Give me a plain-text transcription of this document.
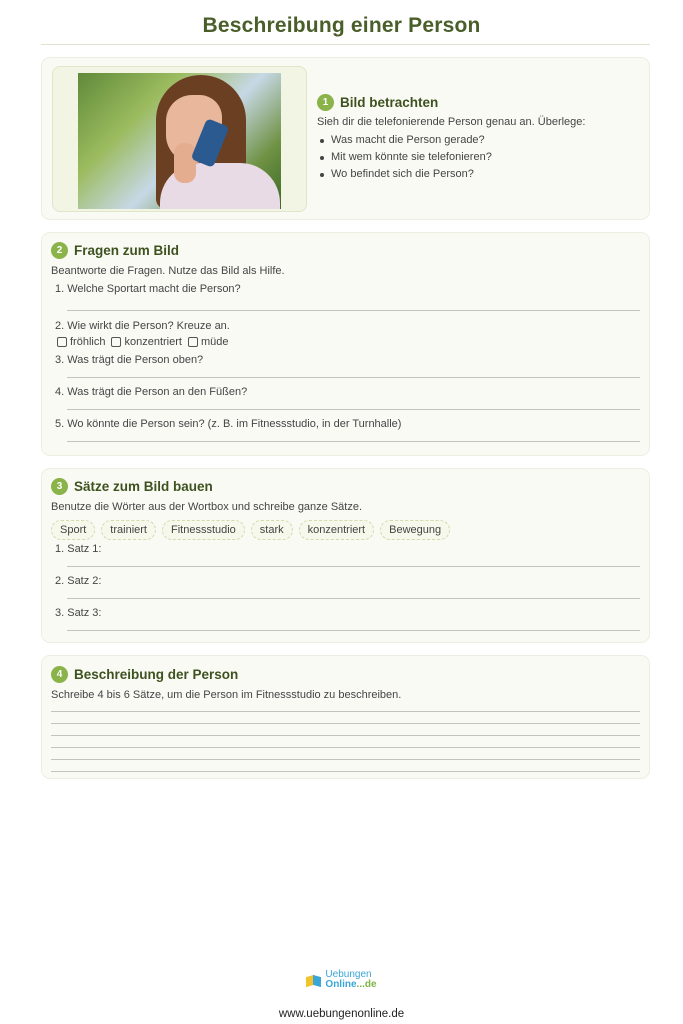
Beschreibung einer Person
1 Bild betrachten
Sieh dir die telefonierende Person genau an. Überlege:
Was macht die Person gerade?
Mit wem könnte sie telefonieren?
Wo befindet sich die Person?
2 Fragen zum Bild
Beantworte die Fragen. Nutze das Bild als Hilfe.
1. Welche Sportart macht die Person?
2. Wie wirkt die Person? Kreuze an.
fröhlich konzentriert müde
3. Was trägt die Person oben?
4. Was trägt die Person an den Füßen?
5. Wo könnte die Person sein? (z. B. im Fitnessstudio, in der Turnhalle)
3 Sätze zum Bild bauen
Benutze die Wörter aus der Wortbox und schreibe ganze Sätze.
Sport	trainiert	Fitnessstudio	stark	konzentriert	Bewegung
1. Satz 1:
2. Satz 2:
3. Satz 3:
4 Beschreibung der Person
Schreibe 4 bis 6 Sätze, um die Person im Fitnessstudio zu beschreiben.
Uebungen
Online...de
www.uebungenonline.de
